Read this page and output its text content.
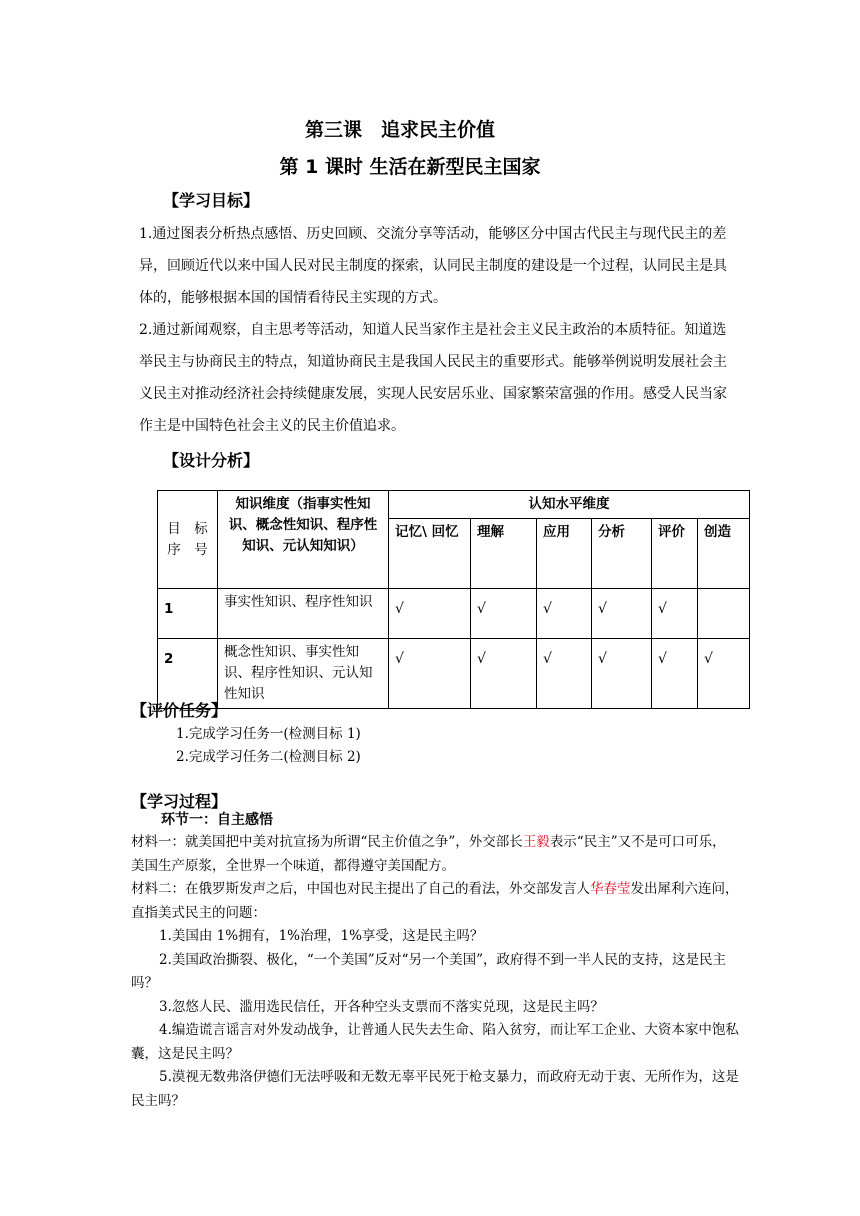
第三课　追求民主价值
第 1 课时 生活在新型民主国家
【学习目标】

1.通过图表分析热点感悟、历史回顾、交流分享等活动，能够区分中国古代民主与现代民主的差异，回顾近代以来中国人民对民主制度的探索，认同民主制度的建设是一个过程，认同民主是具体的，能够根据本国的国情看待民主实现的方式。

2.通过新闻观察，自主思考等活动，知道人民当家作主是社会主义民主政治的本质特征。知道选举民主与协商民主的特点，知道协商民主是我国人民民主的重要形式。能够举例说明发展社会主义民主对推动经济社会持续健康发展，实现人民安居乐业、国家繁荣富强的作用。感受人民当家作主是中国特色社会主义的民主价值追求。

【设计分析】
目　标序　号	知识维度（指事实性知识、概念性知识、程序性知识、元认知知识）	认知水平维度					
		记忆\ 回忆	理解	应用	分析	评价	创造
1	事实性知识、程序性知识	√	√	√	√	√	
2	概念性知识、事实性知识、程序性知识、元认知性知识	√	√	√	√	√	√
【评价任务】
1.完成学习任务一(检测目标 1)
2.完成学习任务二(检测目标 2)
【学习过程】
环节一：自主感悟

材料一：就美国把中美对抗宣扬为所谓“民主价值之争”，外交部长王毅表示“民主”又不是可口可乐，美国生产原浆，全世界一个味道，都得遵守美国配方。

材料二：在俄罗斯发声之后，中国也对民主提出了自己的看法，外交部发言人华春莹发出犀利六连问，直指美式民主的问题：

1.美国由 1%拥有，1%治理，1%享受，这是民主吗？

2.美国政治撕裂、极化，“一个美国”反对“另一个美国”，政府得不到一半人民的支持，这是民主吗？

3.忽悠人民、滥用选民信任，开各种空头支票而不落实兑现，这是民主吗？

4.编造谎言谣言对外发动战争，让普通人民失去生命、陷入贫穷，而让军工企业、大资本家中饱私囊，这是民主吗？

5.漠视无数弗洛伊德们无法呼吸和无数无辜平民死于枪支暴力，而政府无动于衷、无所作为，这是民主吗？
